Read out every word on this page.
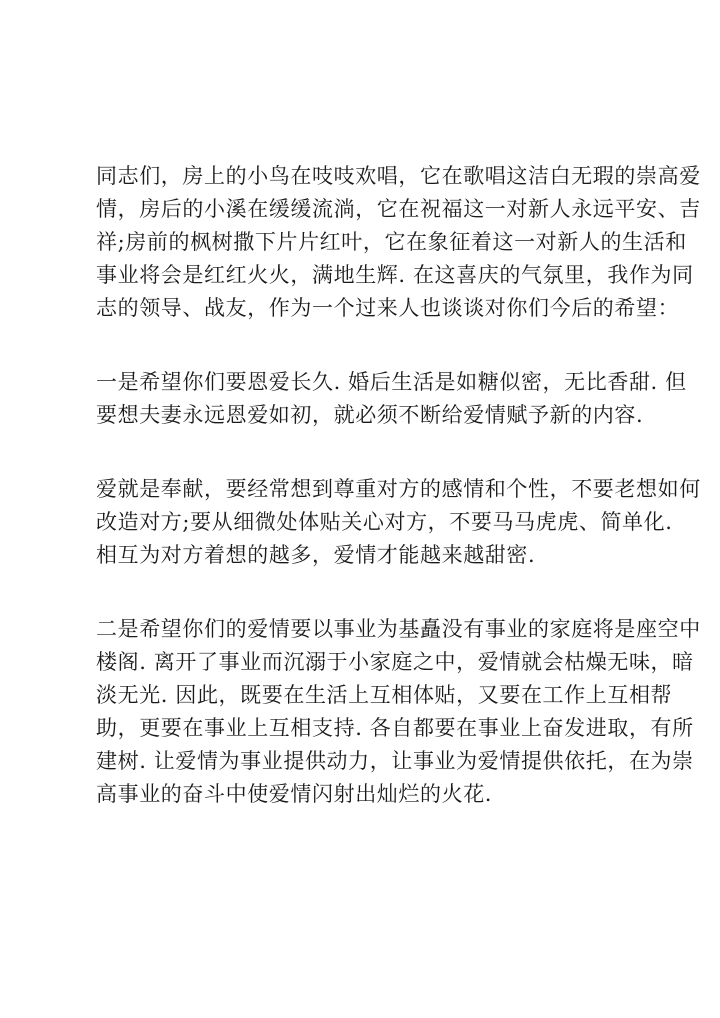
同志们，房上的小鸟在吱吱欢唱，它在歌唱这洁白无瑕的崇高爱
情，房后的小溪在缓缓流淌，它在祝福这一对新人永远平安、吉
祥;房前的枫树撒下片片红叶，它在象征着这一对新人的生活和
事业将会是红红火火，满地生辉. 在这喜庆的气氛里，我作为同
志的领导、战友，作为一个过来人也谈谈对你们今后的希望：
一是希望你们要恩爱长久. 婚后生活是如糖似密，无比香甜. 但
要想夫妻永远恩爱如初，就必须不断给爱情赋予新的内容.
爱就是奉献，要经常想到尊重对方的感情和个性，不要老想如何
改造对方;要从细微处体贴关心对方，不要马马虎虎、简单化.
相互为对方着想的越多，爱情才能越来越甜密.
二是希望你们的爱情要以事业为基矗没有事业的家庭将是座空中
楼阁. 离开了事业而沉溺于小家庭之中，爱情就会枯燥无味，暗
淡无光. 因此，既要在生活上互相体贴，又要在工作上互相帮
助，更要在事业上互相支持. 各自都要在事业上奋发进取，有所
建树. 让爱情为事业提供动力，让事业为爱情提供依托，在为崇
高事业的奋斗中使爱情闪射出灿烂的火花.
